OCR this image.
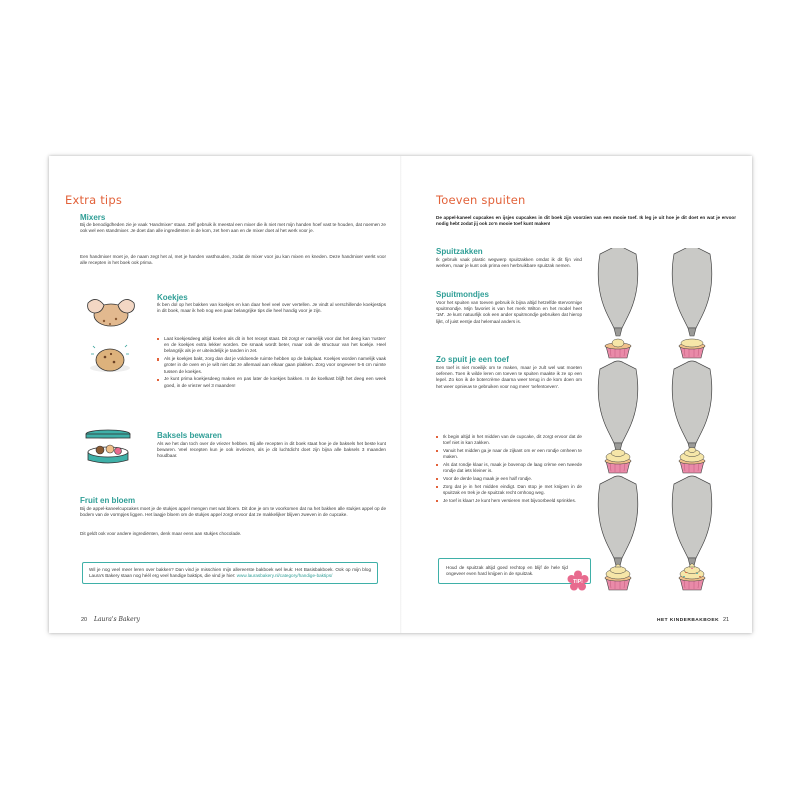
Extra tips
Mixers
Bij de benodigdheden zie je vaak 'Handmixer' staan. Zelf gebruik ik meestal een mixer die ik niet met mijn handen hoef vast te houden, dat noemen ze ook wel een standmixer. Je doet dan alle ingrediënten in de kom, zet hem aan en de mixer doet al het werk voor je.
Een handmixer moet je, de naam zegt het al, met je handen vasthouden, zodat de mixer voor jou kan mixen en kneden. Deze handmixer werkt voor alle recepten in het boek ook prima.
Koekjes
Ik ben dol op het bakken van koekjes en kan daar heel veel over vertellen. Je vindt al verschillende koekjestips in dit boek, maar ik heb nog een paar belangrijke tips die heel handig voor je zijn.
Laat koekjesdeeg altijd koelen als dit in het recept staat. Dit zorgt er namelijk voor dat het deeg kan 'rusten' en de koekjes extra lekker worden. De smaak wordt beter, maar ook de structuur van het koekje. Heel belangrijk als je er uiteindelijk je tanden in zet.
Als je koekjes bakt, zorg dan dat je voldoende ruimte hebben op de bakplaat. Koekjes worden namelijk vaak groter in de oven en je wilt niet dat ze allemaal aan elkaar gaan plakken. Zorg voor ongeveer 5-6 cm ruimte tussen de koekjes.
Je kunt prima koekjesdeeg maken en pas later de koekjes bakken. In de koelkast blijft het deeg een week goed, in de vriezer wel 3 maanden!
Baksels bewaren
Als we het dan toch over de vriezer hebben. Bij alle recepten in dit boek staat hoe je de baksels het beste kunt bewaren. Veel recepten kun je ook invriezen, als je dit luchtdicht doet zijn bijna alle baksels 3 maanden houdbaar.
Fruit en bloem
Bij de appel-kaneelcupcakes moet je de stukjes appel mengen met wat bloem. Dit doe je om te voorkomen dat na het bakken alle stukjes appel op de bodem van de vormpjes liggen. Het laagje bloem om de stukjes appel zorgt ervoor dat ze makkelijker blijven zweven in de cupcake.
Dit geldt ook voor andere ingrediënten, denk maar eens aan stukjes chocolade.
Wil je nog veel meer leren over bakken? Dan vind je misschien mijn allereerste bakboek wel leuk: Het Basisbakboek. Ook op mijn blog Laura's Bakery staan nog héél erg veel handige baktips, die vind je hier: www.laurasbakery.nl/category/handige-baktips/
20 Laura's Bakery
Toeven spuiten
De appel-kaneel cupcakes en ijsjes cupcakes in dit boek zijn voorzien van een mooie toef. Ik leg je uit hoe je dit doet en wat je ervoor nodig hebt zodat jij ook zo'n mooie toef kunt maken!
Spuitzakken
Ik gebruik vaak plastic wegwerp spuitzakken omdat ik dit fijn vind werken, maar je kunt ook prima een herbruikbare spuitzak nemen.
Spuitmondjes
Voor het spuiten van toeven gebruik ik bijna altijd hetzelfde stervormige spuitmondje. Mijn favoriet is van het merk Wilton en het model heet '1M'. Je kunt natuurlijk ook een ander spuitmondje gebruiken dat hierop lijkt, of juist eentje dat helemaal anders is.
Zo spuit je een toef
Een toef is niet moeilijk om te maken, maar je zult wel wat moeten oefenen. Toen ik wilde leren om toeven te spuiten maakte ik ze op een lepel. Zo kon ik de botercrème daarna weer terug in de kom doen om het weer opnieuw te gebruiken voor nog meer 'oefentoeven'.
Ik begin altijd in het midden van de cupcake, dit zorgt ervoor dat de toef niet in kan zakken.
Vanuit het midden ga je naar de zijkant om er een rondje omheen te maken.
Als dat rondje klaar is, maak je bovenop de laag crème een tweede rondje dat iets kleiner is.
Voor de derde laag maak je een half rondje.
Zorg dat je in het midden eindigt. Dan stop je met knijpen in de spuitzak en trek je de spuitzak recht omhoog weg.
Je toef is klaar! Je kunt hem versieren met bijvoorbeeld sprinkles.
Houd de spuitzak altijd goed rechtop en blijf de hele tijd ongeveer even hard knijpen in de spuitzak.
TIP!
HET KINDERBAKBOEK 21
